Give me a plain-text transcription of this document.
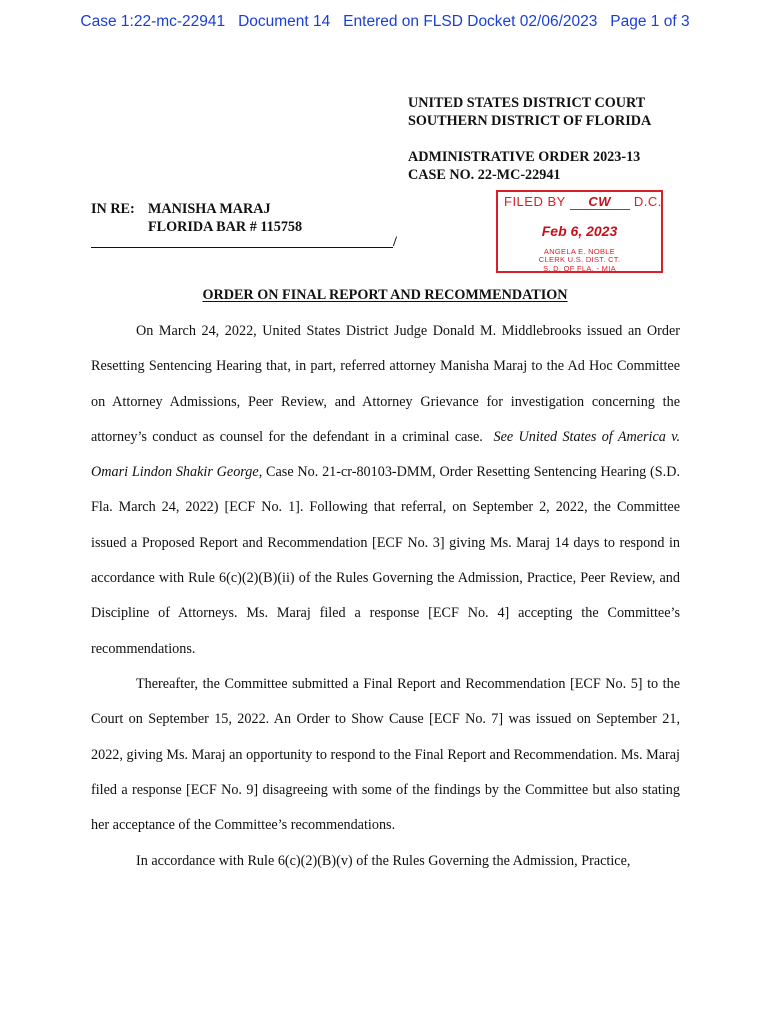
Case 1:22-mc-22941   Document 14   Entered on FLSD Docket 02/06/2023   Page 1 of 3
UNITED STATES DISTRICT COURT
SOUTHERN DISTRICT OF FLORIDA
ADMINISTRATIVE ORDER 2023-13
CASE NO. 22-MC-22941
IN RE: MANISHA MARAJ
FLORIDA BAR # 115758
/
FILED BY CW D.C.
Feb 6, 2023
ANGELA E. NOBLE
CLERK U.S. DIST. CT.
S. D. OF FLA. - MIA
ORDER ON FINAL REPORT AND RECOMMENDATION

On March 24, 2022, United States District Judge Donald M. Middlebrooks issued an Order Resetting Sentencing Hearing that, in part, referred attorney Manisha Maraj to the Ad Hoc Committee on Attorney Admissions, Peer Review, and Attorney Grievance for investigation concerning the attorney’s conduct as counsel for the defendant in a criminal case. See United States of America v. Omari Lindon Shakir George, Case No. 21-cr-80103-DMM, Order Resetting Sentencing Hearing (S.D. Fla. March 24, 2022) [ECF No. 1]. Following that referral, on September 2, 2022, the Committee issued a Proposed Report and Recommendation [ECF No. 3] giving Ms. Maraj 14 days to respond in accordance with Rule 6(c)(2)(B)(ii) of the Rules Governing the Admission, Practice, Peer Review, and Discipline of Attorneys. Ms. Maraj filed a response [ECF No. 4] accepting the Committee’s recommendations.

Thereafter, the Committee submitted a Final Report and Recommendation [ECF No. 5] to the Court on September 15, 2022. An Order to Show Cause [ECF No. 7] was issued on September 21, 2022, giving Ms. Maraj an opportunity to respond to the Final Report and Recommendation. Ms. Maraj filed a response [ECF No. 9] disagreeing with some of the findings by the Committee but also stating her acceptance of the Committee’s recommendations.

In accordance with Rule 6(c)(2)(B)(v) of the Rules Governing the Admission, Practice,
